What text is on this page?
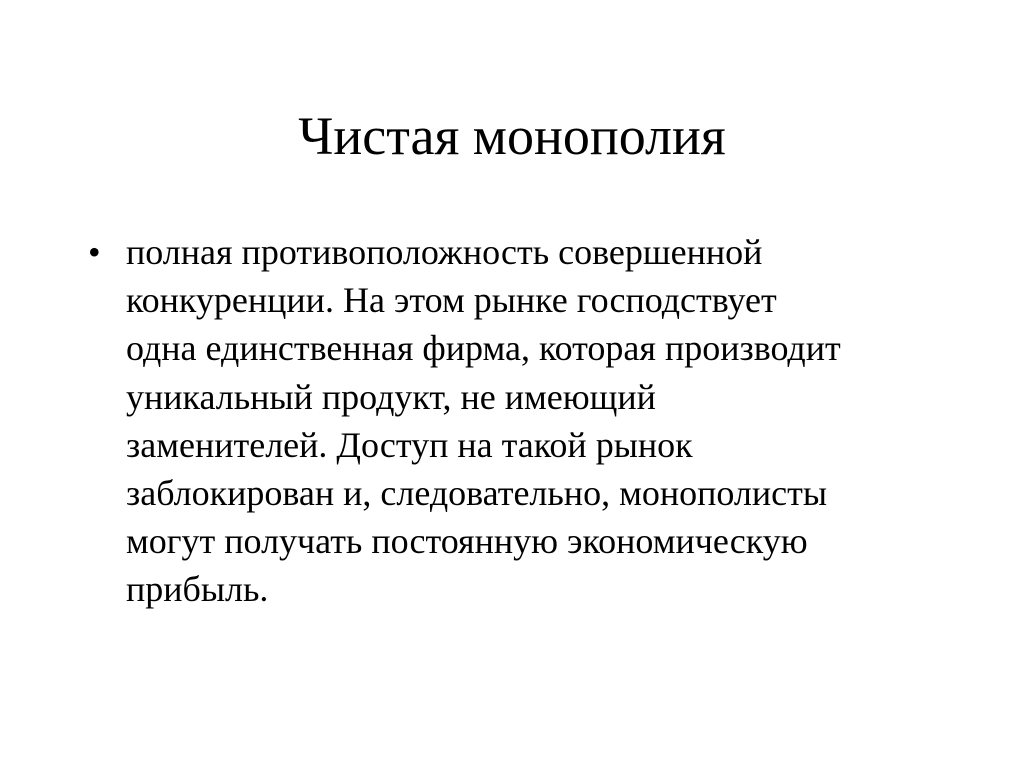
Чистая монополия
• полная противоположность совершенной
конкуренции. На этом рынке господствует
одна единственная фирма, которая производит
уникальный продукт, не имеющий
заменителей. Доступ на такой рынок
заблокирован и, следовательно, монополисты
могут получать постоянную экономическую
прибыль.
